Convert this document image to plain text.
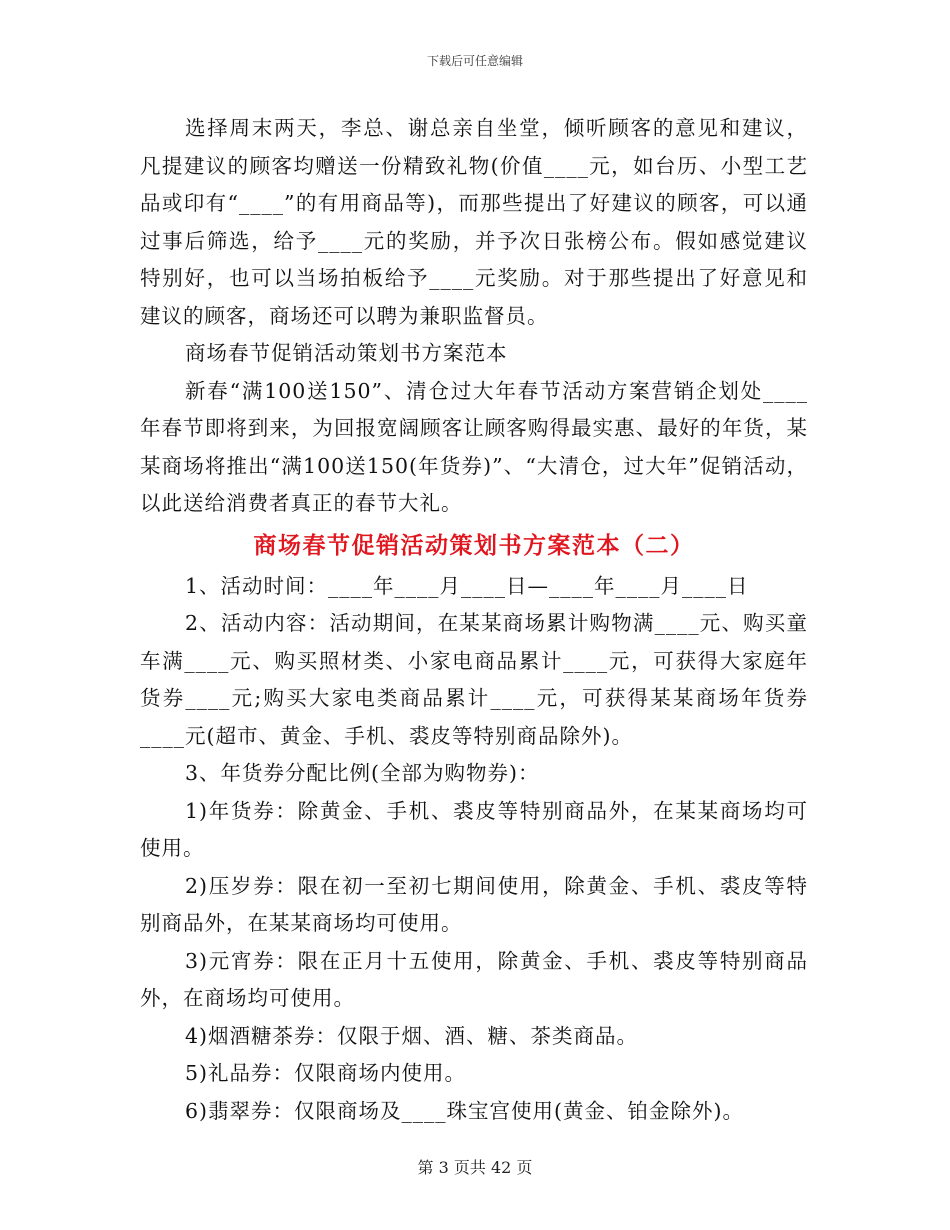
下载后可任意编辑

选择周末两天，李总、谢总亲自坐堂，倾听顾客的意见和建议，凡提建议的顾客均赠送一份精致礼物(价值____元，如台历、小型工艺品或印有“____”的有用商品等)，而那些提出了好建议的顾客，可以通过事后筛选，给予____元的奖励，并予次日张榜公布。假如感觉建议特别好，也可以当场拍板给予____元奖励。对于那些提出了好意见和建议的顾客，商场还可以聘为兼职监督员。

商场春节促销活动策划书方案范本

新春“满100送150”、清仓过大年春节活动方案营销企划处____年春节即将到来，为回报宽阔顾客让顾客购得最实惠、最好的年货，某某商场将推出“满100送150(年货券)”、“大清仓，过大年”促销活动，以此送给消费者真正的春节大礼。

商场春节促销活动策划书方案范本（二）

1、活动时间：____年____月____日—____年____月____日

2、活动内容：活动期间，在某某商场累计购物满____元、购买童车满____元、购买照材类、小家电商品累计____元，可获得大家庭年货券____元;购买大家电类商品累计____元，可获得某某商场年货券____元(超市、黄金、手机、裘皮等特别商品除外)。

3、年货券分配比例(全部为购物券)：

1)年货券：除黄金、手机、裘皮等特别商品外，在某某商场均可使用。

2)压岁券：限在初一至初七期间使用，除黄金、手机、裘皮等特别商品外，在某某商场均可使用。

3)元宵券：限在正月十五使用，除黄金、手机、裘皮等特别商品外，在商场均可使用。

4)烟酒糖茶券：仅限于烟、酒、糖、茶类商品。

5)礼品券：仅限商场内使用。

6)翡翠券：仅限商场及____珠宝宫使用(黄金、铂金除外)。

第 3 页共 42 页
